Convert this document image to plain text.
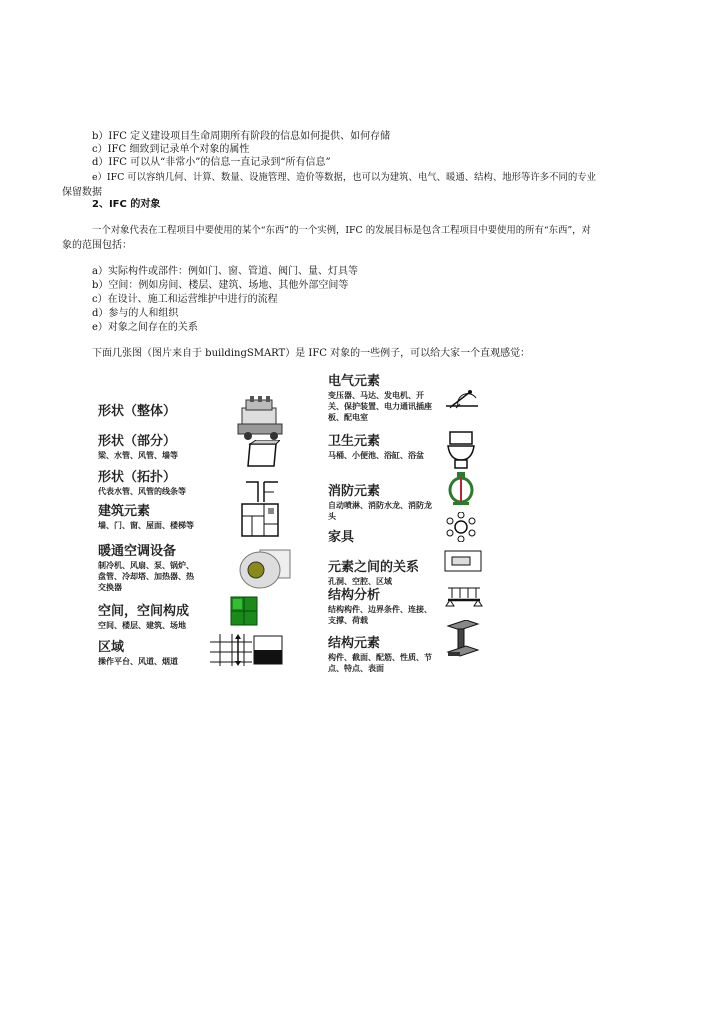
b）IFC 定义建设项目生命周期所有阶段的信息如何提供、如何存储
c）IFC 细致到记录单个对象的属性
d）IFC 可以从“非常小”的信息一直记录到“所有信息”
e）IFC 可以容纳几何、计算、数量、设施管理、造价等数据，也可以为建筑、电气、暖通、结构、地形等许多不同的专业
保留数据
2、IFC 的对象
一个对象代表在工程项目中要使用的某个“东西”的一个实例，IFC 的发展目标是包含工程项目中要使用的所有“东西”，对
象的范围包括：
a）实际构件或部件：例如门、窗、管道、阀门、量、灯具等
b）空间：例如房间、楼层、建筑、场地、其他外部空间等
c）在设计、施工和运营维护中进行的流程
d）参与的人和组织
e）对象之间存在的关系
下面几张图（图片来自于 buildingSMART）是 IFC 对象的一些例子，可以给大家一个直观感觉：
形状（整体）
形状（部分）
梁、水管、风管、墙等
形状（拓扑）
代表水管、风管的线条等
建筑元素
墙、门、窗、屋面、楼梯等
暖通空调设备
制冷机、风扇、泵、锅炉、盘管、冷却塔、加热器、热交换器
空间，空间构成
空间、楼层、建筑、场地
区域
操作平台、风道、烟道
电气元素
变压器、马达、发电机、开关、保护装置、电力通讯插座板、配电室
卫生元素
马桶、小便池、浴缸、浴盆
消防元素
自动喷淋、消防水龙、消防龙头
家具
元素之间的关系
孔洞、空腔、区域
结构分析
结构构件、边界条件、连接、支撑、荷载
结构元素
构件、截面、配筋、性质、节点、特点、表面
